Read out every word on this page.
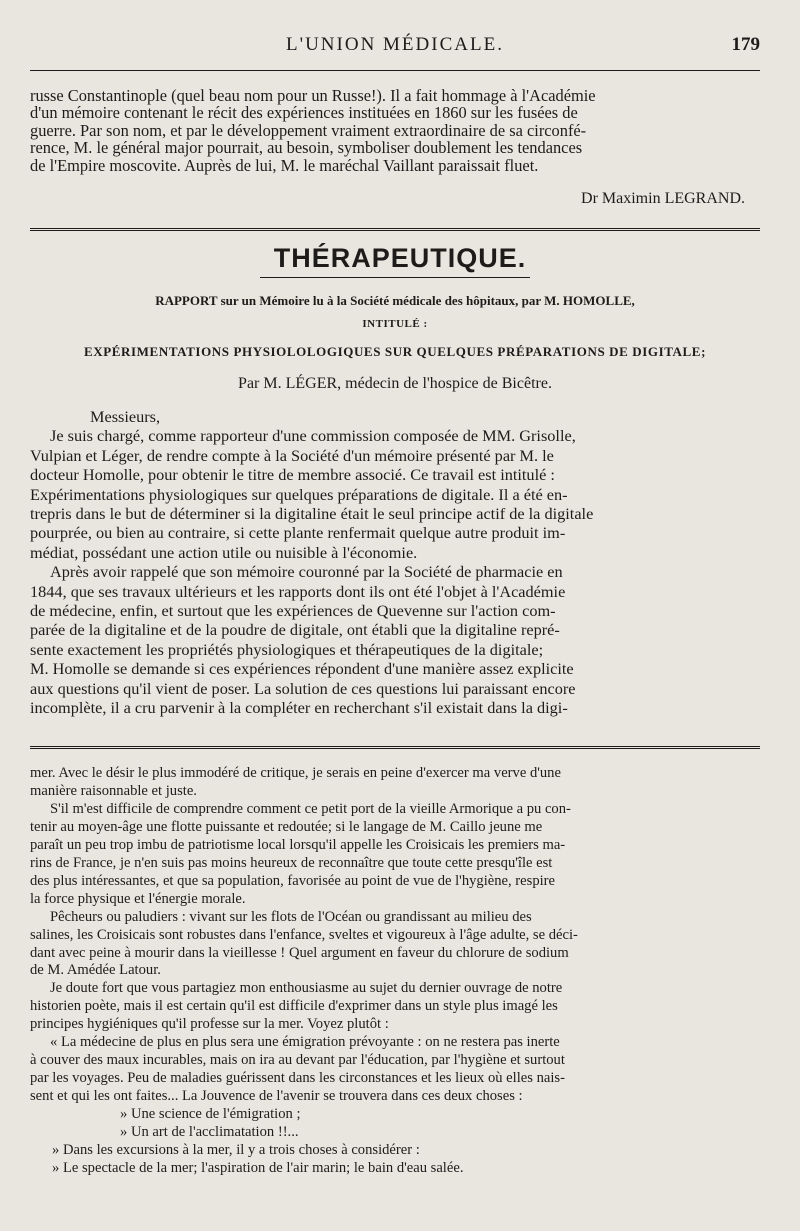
L'UNION MÉDICALE.	179
russe Constantinople (quel beau nom pour un Russe!). Il a fait hommage à l'Académie
d'un mémoire contenant le récit des expériences instituées en 1860 sur les fusées de
guerre. Par son nom, et par le développement vraiment extraordinaire de sa circonfé-
rence, M. le général major pourrait, au besoin, symboliser doublement les tendances
de l'Empire moscovite. Auprès de lui, M. le maréchal Vaillant paraissait fluet.
Dr Maximin LEGRAND.
THÉRAPEUTIQUE.
RAPPORT sur un Mémoire lu à la Société médicale des hôpitaux, par M. HOMOLLE,
INTITULÉ :
EXPÉRIMENTATIONS PHYSIOLOLOGIQUES SUR QUELQUES PRÉPARATIONS DE DIGITALE;
Par M. LÉGER, médecin de l'hospice de Bicêtre.
Messieurs,
Je suis chargé, comme rapporteur d'une commission composée de MM. Grisolle,
Vulpian et Léger, de rendre compte à la Société d'un mémoire présenté par M. le
docteur Homolle, pour obtenir le titre de membre associé. Ce travail est intitulé :
Expérimentations physiologiques sur quelques préparations de digitale. Il a été en-
trepris dans le but de déterminer si la digitaline était le seul principe actif de la digitale
pourprée, ou bien au contraire, si cette plante renfermait quelque autre produit im-
médiat, possédant une action utile ou nuisible à l'économie.
Après avoir rappelé que son mémoire couronné par la Société de pharmacie en
1844, que ses travaux ultérieurs et les rapports dont ils ont été l'objet à l'Académie
de médecine, enfin, et surtout que les expériences de Quevenne sur l'action com-
parée de la digitaline et de la poudre de digitale, ont établi que la digitaline repré-
sente exactement les propriétés physiologiques et thérapeutiques de la digitale;
M. Homolle se demande si ces expériences répondent d'une manière assez explicite
aux questions qu'il vient de poser. La solution de ces questions lui paraissant encore
incomplète, il a cru parvenir à la compléter en recherchant s'il existait dans la digi-
mer. Avec le désir le plus immodéré de critique, je serais en peine d'exercer ma verve d'une
manière raisonnable et juste.
S'il m'est difficile de comprendre comment ce petit port de la vieille Armorique a pu con-
tenir au moyen-âge une flotte puissante et redoutée; si le langage de M. Caillo jeune me
paraît un peu trop imbu de patriotisme local lorsqu'il appelle les Croisicais les premiers ma-
rins de France, je n'en suis pas moins heureux de reconnaître que toute cette presqu'île est
des plus intéressantes, et que sa population, favorisée au point de vue de l'hygiène, respire
la force physique et l'énergie morale.
Pêcheurs ou paludiers : vivant sur les flots de l'Océan ou grandissant au milieu des
salines, les Croisicais sont robustes dans l'enfance, sveltes et vigoureux à l'âge adulte, se déci-
dant avec peine à mourir dans la vieillesse ! Quel argument en faveur du chlorure de sodium
de M. Amédée Latour.
Je doute fort que vous partagiez mon enthousiasme au sujet du dernier ouvrage de notre
historien poète, mais il est certain qu'il est difficile d'exprimer dans un style plus imagé les
principes hygiéniques qu'il professe sur la mer. Voyez plutôt :
« La médecine de plus en plus sera une émigration prévoyante : on ne restera pas inerte
à couver des maux incurables, mais on ira au devant par l'éducation, par l'hygiène et surtout
par les voyages. Peu de maladies guérissent dans les circonstances et les lieux où elles nais-
sent et qui les ont faites... La Jouvence de l'avenir se trouvera dans ces deux choses :
» Une science de l'émigration ;
» Un art de l'acclimatation !!...
» Dans les excursions à la mer, il y a trois choses à considérer :
» Le spectacle de la mer; l'aspiration de l'air marin; le bain d'eau salée.
